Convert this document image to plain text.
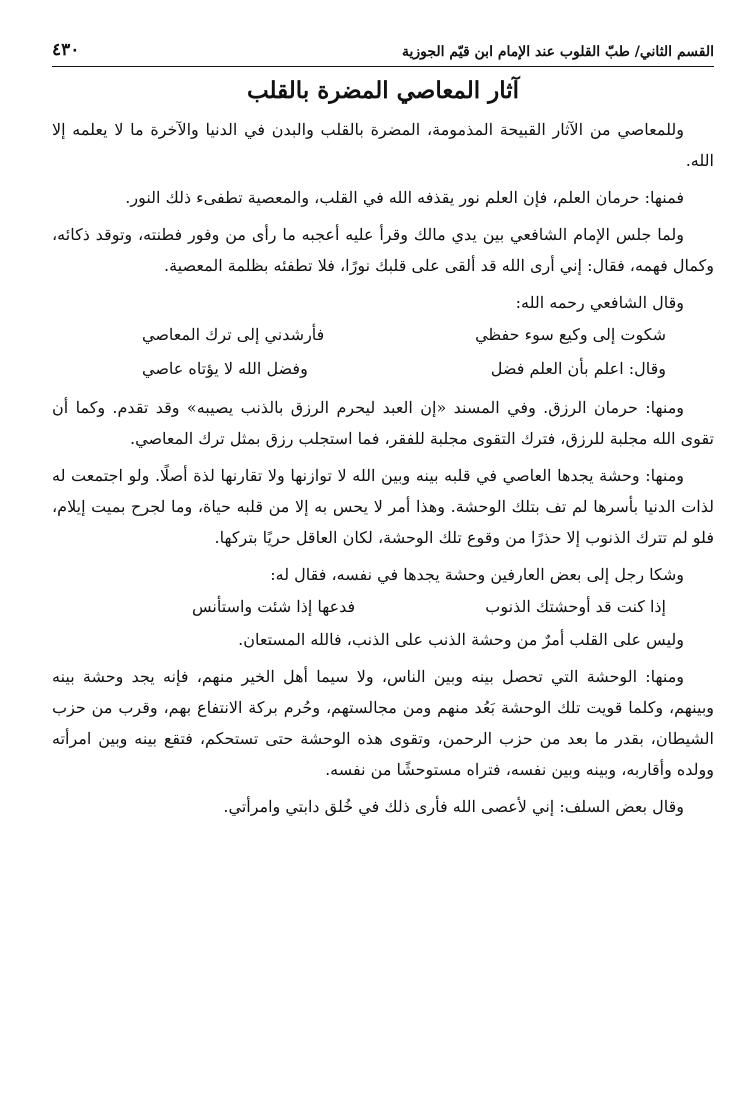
القسم الثاني/ طبّ القلوب عند الإمام ابن قيّم الجوزية
٤٣٠
آثار المعاصي المضرة بالقلب

وللمعاصي من الآثار القبيحة المذمومة، المضرة بالقلب والبدن في الدنيا والآخرة ما لا يعلمه إلا الله.

فمنها: حرمان العلم، فإن العلم نور يقذفه الله في القلب، والمعصية تطفىء ذلك النور.

ولما جلس الإمام الشافعي بين يدي مالك وقرأ عليه أعجبه ما رأى من وفور فطنته، وتوقد ذكائه، وكمال فهمه، فقال: إني أرى الله قد ألقى على قلبك نورًا، فلا تطفئه بظلمة المعصية.

وقال الشافعي رحمه الله:

شكوت إلى وكيع سوء حفظي
فأرشدني إلى ترك المعاصي
وقال: اعلم بأن العلم فضل
وفضل الله لا يؤتاه عاصي

ومنها: حرمان الرزق. وفي المسند «إن العبد ليحرم الرزق بالذنب يصيبه» وقد تقدم. وكما أن تقوى الله مجلبة للرزق، فترك التقوى مجلبة للفقر، فما استجلب رزق بمثل ترك المعاصي.

ومنها: وحشة يجدها العاصي في قلبه بينه وبين الله لا توازنها ولا تقارنها لذة أصلًا. ولو اجتمعت له لذات الدنيا بأسرها لم تف بتلك الوحشة. وهذا أمر لا يحس به إلا من قلبه حياة، وما لجرح بميت إيلام، فلو لم تترك الذنوب إلا حذرًا من وقوع تلك الوحشة، لكان العاقل حريًا بتركها.

وشكا رجل إلى بعض العارفين وحشة يجدها في نفسه، فقال له:

إذا كنت قد أوحشتك الذنوب
فدعها إذا شئت واستأنس

وليس على القلب أمرٌ من وحشة الذنب على الذنب، فالله المستعان.

ومنها: الوحشة التي تحصل بينه وبين الناس، ولا سيما أهل الخير منهم، فإنه يجد وحشة بينه وبينهم، وكلما قويت تلك الوحشة بَعُد منهم ومن مجالستهم، وحُرم بركة الانتفاع بهم، وقرب من حزب الشيطان، بقدر ما بعد من حزب الرحمن، وتقوى هذه الوحشة حتى تستحكم، فتقع بينه وبين امرأته وولده وأقاربه، وبينه وبين نفسه، فتراه مستوحشًا من نفسه.

وقال بعض السلف: إني لأعصى الله فأرى ذلك في خُلق دابتي وامرأتي.
